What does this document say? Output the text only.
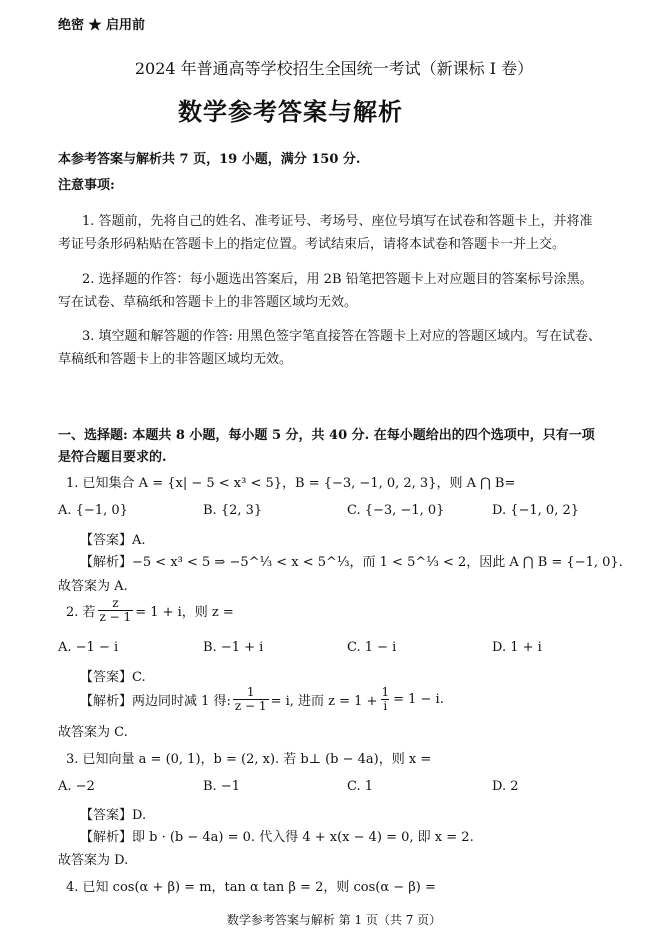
绝密 ★ 启用前
2024 年普通高等学校招生全国统一考试（新课标 I 卷）
数学参考答案与解析
本参考答案与解析共 7 页，19 小题，满分 150 分.
注意事项:
1. 答题前，先将自己的姓名、准考证号、考场号、座位号填写在试卷和答题卡上，并将准
考证号条形码粘贴在答题卡上的指定位置。考试结束后，请将本试卷和答题卡一并上交。
2. 选择题的作答：每小题选出答案后，用 2B 铅笔把答题卡上对应题目的答案标号涂黑。
写在试卷、草稿纸和答题卡上的非答题区域均无效。
3. 填空题和解答题的作答: 用黑色签字笔直接答在答题卡上对应的答题区域内。写在试卷、
草稿纸和答题卡上的非答题区域均无效。
一、选择题: 本题共 8 小题，每小题 5 分，共 40 分. 在每小题给出的四个选项中，只有一项
是符合题目要求的.
1. 已知集合 A = {x| − 5 < x³ < 5}，B = {−3, −1, 0, 2, 3}，则 A ⋂ B=
A. {−1, 0}	B. {2, 3}	C. {−3, −1, 0}	D. {−1, 0, 2}
【答案】A.
【解析】−5 < x³ < 5 ⇒ −5^⅓ < x < 5^⅓，而 1 < 5^⅓ < 2，因此 A ⋂ B = {−1, 0}.
故答案为 A.
2. 若 $\frac{z}{z - 1} = 1 + i$，则 z =
A. −1 − i	B. −1 + i	C. 1 − i	D. 1 + i
【答案】C.
【解析】两边同时减 1 得: $\frac{1}{z - 1} = i$, 进而 $z = 1 + \frac{1}{i} = 1 - i$.
故答案为 C.
3. 已知向量 a = (0, 1)，b = (2, x). 若 b⊥ (b − 4a)，则 x =
A. −2	B. −1	C. 1	D. 2
【答案】D.
【解析】即 b · (b − 4a) = 0. 代入得 4 + x(x − 4) = 0, 即 x = 2.
故答案为 D.
4. 已知 cos(α + β) = m，tan α tan β = 2，则 cos(α − β) =
数学参考答案与解析 第 1 页（共 7 页）
